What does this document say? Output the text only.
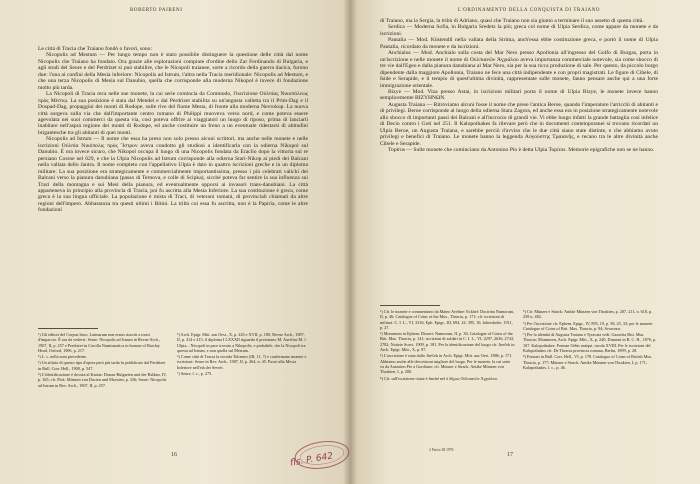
ROBERTO PAIBENI

Le città di Tracia che Traiano fondò o favorì, sono:

Nicopolis ad Mestum — Per lungo tempo non è stato possibile distinguere la questione delle città dal nome Nicopolis che Traiano ha fondato. Ora grazie alle esplorazioni compiute d'ordine dello Zar Ferdinando di Bulgaria, e agli studi del Seure e del Perdrizet si può stabilire, che le Nicopoli traianee, sorte a ricordo della guerra dacica, furono due: l'una ai confini della Mesia inferiore: Nicopolis ad Istrum, l'altra nella Tracia meridionale: Nicopolis ad Mestum, e che una terza Nicopolis di Mesia sul Danubio, quella che corrisponde alla moderna Nikopol è invece di fondazione molto più tarda.

La Nicopoli di Tracia reca nelle sue monete, la cui serie comincia da Commodo, l'iscrizione Οὐλπίας Νικοπόλεως πρὸς Μέστῳ. La sua posizione è stata dal Mendel e dal Perdrizet stabilita su un'angusta valletta tra il Prim-Dag e il Dospad-Dag, propaggini dei monti di Rodope, sulle rive del fiume Mesta, di fronte alla moderna Nevrokop. La nuova città sorgeva sulla via che dall'importante centro romano di Philippi muoveva verso nord, e come poteva essere agevolata nei suoi commerci da questa via, così poteva offrire ai viaggiatori un luogo di riposo, prima di lanciarli inabitare nell'aspra regione dei monti di Rodope, ed anche costituire un freno a un eventuale ridestarsi di abitudini brigantesche tra gli abitanti di quei monti.

Nicopolis ad Istrum — Il nome che essa ha preso non solo presso alcuni scrittori, ma anche nelle monete e nelle iscrizioni Οὐλπία Νικόπολις πρὸς Ἴστρον aveva condotto gli studiosi a identificarla con la odierna Nikopol sul Danubio. È ora invece sicuro, che Nikopol occupa il luogo di una Nicopolis fondata da Eraclio dopo la vittoria sul re persiano Cosroe nel 629, e che la Ulpia Nicopolis ad Istrum corrisponde alla odierna Stari-Nikop ai piedi dei Balcani nella vallata dello Jantra. Il nome completo con l'appellativo Ulpia è dato in quattro iscrizioni greche e in un diploma militare. La sua posizione era strategicamente e commercialmente importantissima, presso i più celebrati valichi dei Balcani verso la pianura danubiana (passo di Ternova, e colle di Scipka), sicché poteva far sentire la sua influenza sui Traci della montagna e sui Mesi della pianura, ed eventualmente opporsi ai invasori trans-danubiani. La città apparteneva in principio alla provincia di Tracia, poi fu ascritta alla Mesia Inferiore. La sua costituzione è greca, come greca è la sua lingua ufficiale. La popolazione è mista di Traci, di veterani romani, di provinciali chiamati da altre regioni dell'impero. Abbastanza tra questi ultimi i Bitini. La tribù cui essa fu ascritta, non è la Papiria, come le altre fondazioni

¹) Gli editori del Corpus Inscr. Latinarum non erano riusciti a trarsi d'impaccio. È ora da vedersi: Seure: Nicopolis ad Istrum in Revue Arch., 1907, II, p. 257 e Perdrizet in Corolla Numismatica in honour of Barclay Head, Oxford, 1906, p. 217.

²) L. c. nella nota precedente.

³) Un rifiuto di questo tipo d'opera però più tarda fu pubblicato dal Perdrizet in Bull. Corr. Hell., 1900, p. 547.

⁴) L'identificazione è dovuta al Kanitz: Donau-Bulgarien und der Balkan, IV, p. 165; cfr. Pick: Münzen von Dacien und Moesien, p. 326; Seure: Nicopolis ad Istrum in Rev. Arch., 1907, II, p. 257.

⁵) Arch. Epigr. Mitt. aus Oest., X, p. 243 e XVII, p. 180; Revue Arch., 1907, II, p. 414 e 415; il diploma I LXXXII riguarda il pretoriano M. Aurelius M. f. Ulpia... Nicopoli in pace trovato a Nikopolis, e probabile, che la Nicopoli tra questa ad Istrum, e non quella sul Mestum.

⁶) Come città di Tracia la ricorda Tolomeo (III, 11, 7) e confermano monete e iscrizioni: Seure in Rev. Arch., 1907, II, p. 264, n. 45. Passò alla Mesia Inferiore nell'età dei Severi.

⁷) Seure, l. c., p. 275.

16
L'ORDINAMENTO DELLA CONQUISTA DI TRAIANO

di Traiano, ma la Sergia, la tribù di Adriano, quasi che Traiano non sia giunto a terminare il suo assetto di questa città.

Serdica — Moderna Sofia, in Bulgaria Sredetz la più; greca col nome di Ulpia Serdica, come appare da monete e da iscrizioni.

Pautalia — Mod. Küstendil nella vallata della Strima, anch'essa ebbe costituzione greca, e portò il nome di Ulpia Pautalia, ricordato da monete e da iscrizioni.

Anchialus — Mod. Anchialo sulla costa del Mar Nero presso Apollonia all'ingresso del Golfo di Burgas, porta in un'iscrizione e nelle monete il nome di Οὐλπιανῶν Ἀγχιάλου aveva importanza commerciale notevole, sia come sbocco di tre vie dall'Egeo e dalla pianura danubiana al Mar Nero, sia per la sua ricca produzione di sale. Per questo, da piccolo borgo dipendente dalla maggiore Apollonia, Traiano ne fece una città indipendente e con propri magistrati. Le figure di Cibele, di Iside e Serapide, e il tempio di quest'ultima divinità, rappresentate sulle monete, fanno pensare anche qui a una forte immigrazione orientale.

Bizye — Mod. Viza presso Astai, in iscrizioni militari porta il nome di Ulpia Bizye, le monete invece hanno semplicemente ΒΙΖΥΗΝΩΝ.

Augusta Traiana — Ritroviamo alcuni fosse il nome che prese l'antica Beroe, quando l'imperatore l'arricchì di abitanti e di privilegi. Beroe corrisponde al luogo della odierna Stara Zagora, ed anche essa era in posizione strategicamente notevole allo sbocco di importanti passi dei Balcani e all'incrocio di grandi vie. Vi ebbe luogo infatti la grande battaglia così infelice di Decio contro i Goti nel 251. Il Kalopothakes fa rilevare però che in documenti contemporanei si trovano ricordati un Ulpia Beroe, un Augusta Traiana, e sarebbe perciò d'avviso che le due città siano state distinte, e che abbiamo avuto privilegi e benefici di Traiano. Le monete hanno la leggenda Αὐγούστης Τραιανῆς, e recano tra le altre divinità anche Cibele e Serapide.

Topirus — Sulle monete che cominciano da Antonino Pio è detta Ulpia Topiros. Memorie epigrafiche non se ne hanno.

¹) Cfr. le monete e commentario da Mateo Aveline: Eckhel: Doctrina Numorum, II, p. 46; Catalogue of Coins of the Mus., Thracia, p. 171; cfr. iscrizioni di militari: C. I. L., VI, 3316; Eph. Epigr., III, 694, 22; 395, 16; Jahreshefte, 1911, p. 27.

²) Mommsen in Ephem. Dissert: Numorum, II, p. 36; Catalogue of Coins of the Brit. Mus. Thracia, p. 141; iscrizioni di soldati in C. I. L., VI, 2297, 2636, 2744, 2782; Notizie Scavi, 1909, p. 181. Per la identificazione del luogo cfr. Jireček in Arch. Epigr. Mitt., X, p. 87.

³) L'ascrizione è stata dallo Jireček in Arch. Epigr. Mitt. aus Oest. 1886, p. 171. Abbiamo anche alle descrizioni migliore del luogo. Per le monete, la cui serie va da Antonino Pio a Gordiano; cfr. Münzer e Strack: Antike Münzen von Thrakien, I, p. 200.

⁴) Cfr. sull'iscrizione citata è finché nel ὁ δῆμος Οὐλπιανῶν Ἀγχιάλου.

⁵) Cfr. Münzer e Strack: Antike Münzen von Thrakien, p. 207, 211, n. 618, p. 258 n. 482.

⁶) Per l'iscrizione cfr. Ephem. Epigr., IV, 895, 19, p. 58, 25, 33; per le monete: Catalogue of Coins of Brit. Mus. Thracia, p. 94; Svoronos.

⁷) Per la identità di Augusta Traiana e Tyracaia vedi: Gazzetta Brit. Mus. Thracia; Mommsen, Arch. Epigr. Mitt., X, p. 240; Dumont in B. C. H., 1876, p. 107. Kalopothakes: Formae Orbis antiqui, tavola XVIII. Per le iscrizioni del Kalopothakes cfr. De Thracia provincia romana, Berlin, 1899, p. 28.

⁸) Fonzari in Bull. Corr. Hell., VI, p. 178. Catalogue of Coins of British Mus. Thracia, p. 177; Münzer e Strack: Antike Münzen von Thrakien, I, p. 171; Kalopothakes, l. c., p. 46.

2 Pariso III 1978.
17
fls. P. 642
